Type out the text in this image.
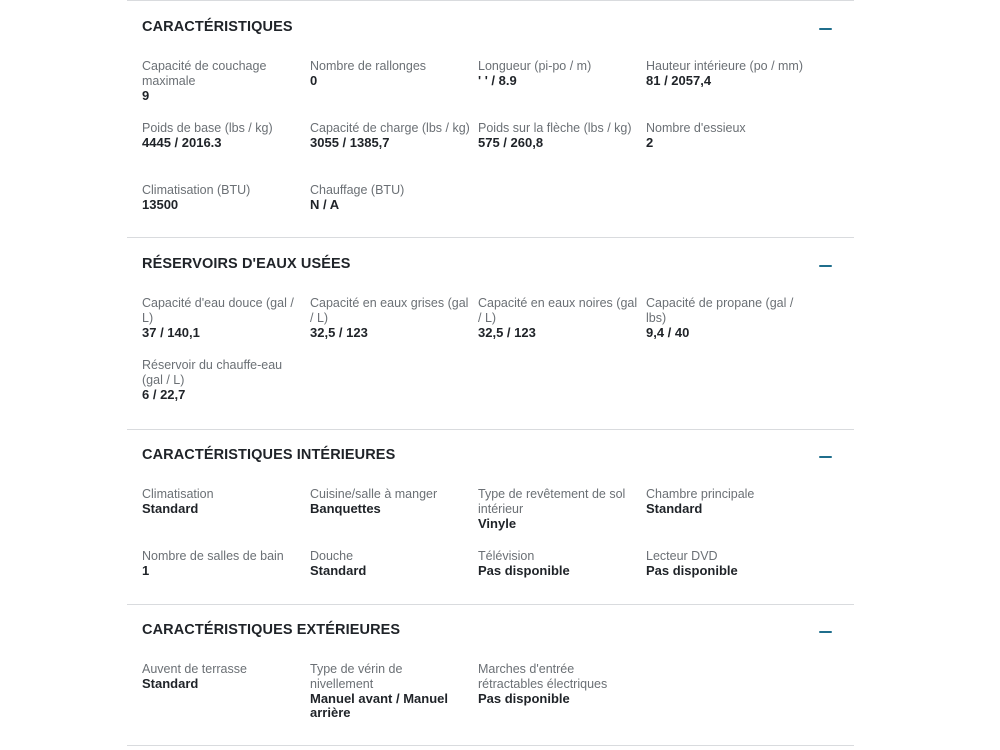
CARACTÉRISTIQUES
Capacité de couchage maximale
9
Nombre de rallonges
0
Longueur (pi-po / m)
' ' / 8.9
Hauteur intérieure (po / mm)
81 / 2057,4
Poids de base (lbs / kg)
4445 / 2016.3
Capacité de charge (lbs / kg)
3055 / 1385,7
Poids sur la flèche (lbs / kg)
575 / 260,8
Nombre d'essieux
2
Climatisation (BTU)
13500
Chauffage (BTU)
N / A
RÉSERVOIRS D'EAUX USÉES
Capacité d'eau douce (gal / L)
37 / 140,1
Capacité en eaux grises (gal / L)
32,5 / 123
Capacité en eaux noires (gal / L)
32,5 / 123
Capacité de propane (gal / lbs)
9,4 / 40
Réservoir du chauffe-eau (gal / L)
6 / 22,7
CARACTÉRISTIQUES INTÉRIEURES
Climatisation
Standard
Cuisine/salle à manger
Banquettes
Type de revêtement de sol intérieur
Vinyle
Chambre principale
Standard
Nombre de salles de bain
1
Douche
Standard
Télévision
Pas disponible
Lecteur DVD
Pas disponible
CARACTÉRISTIQUES EXTÉRIEURES
Auvent de terrasse
Standard
Type de vérin de nivellement
Manuel avant / Manuel arrière
Marches d'entrée rétractables électriques
Pas disponible
